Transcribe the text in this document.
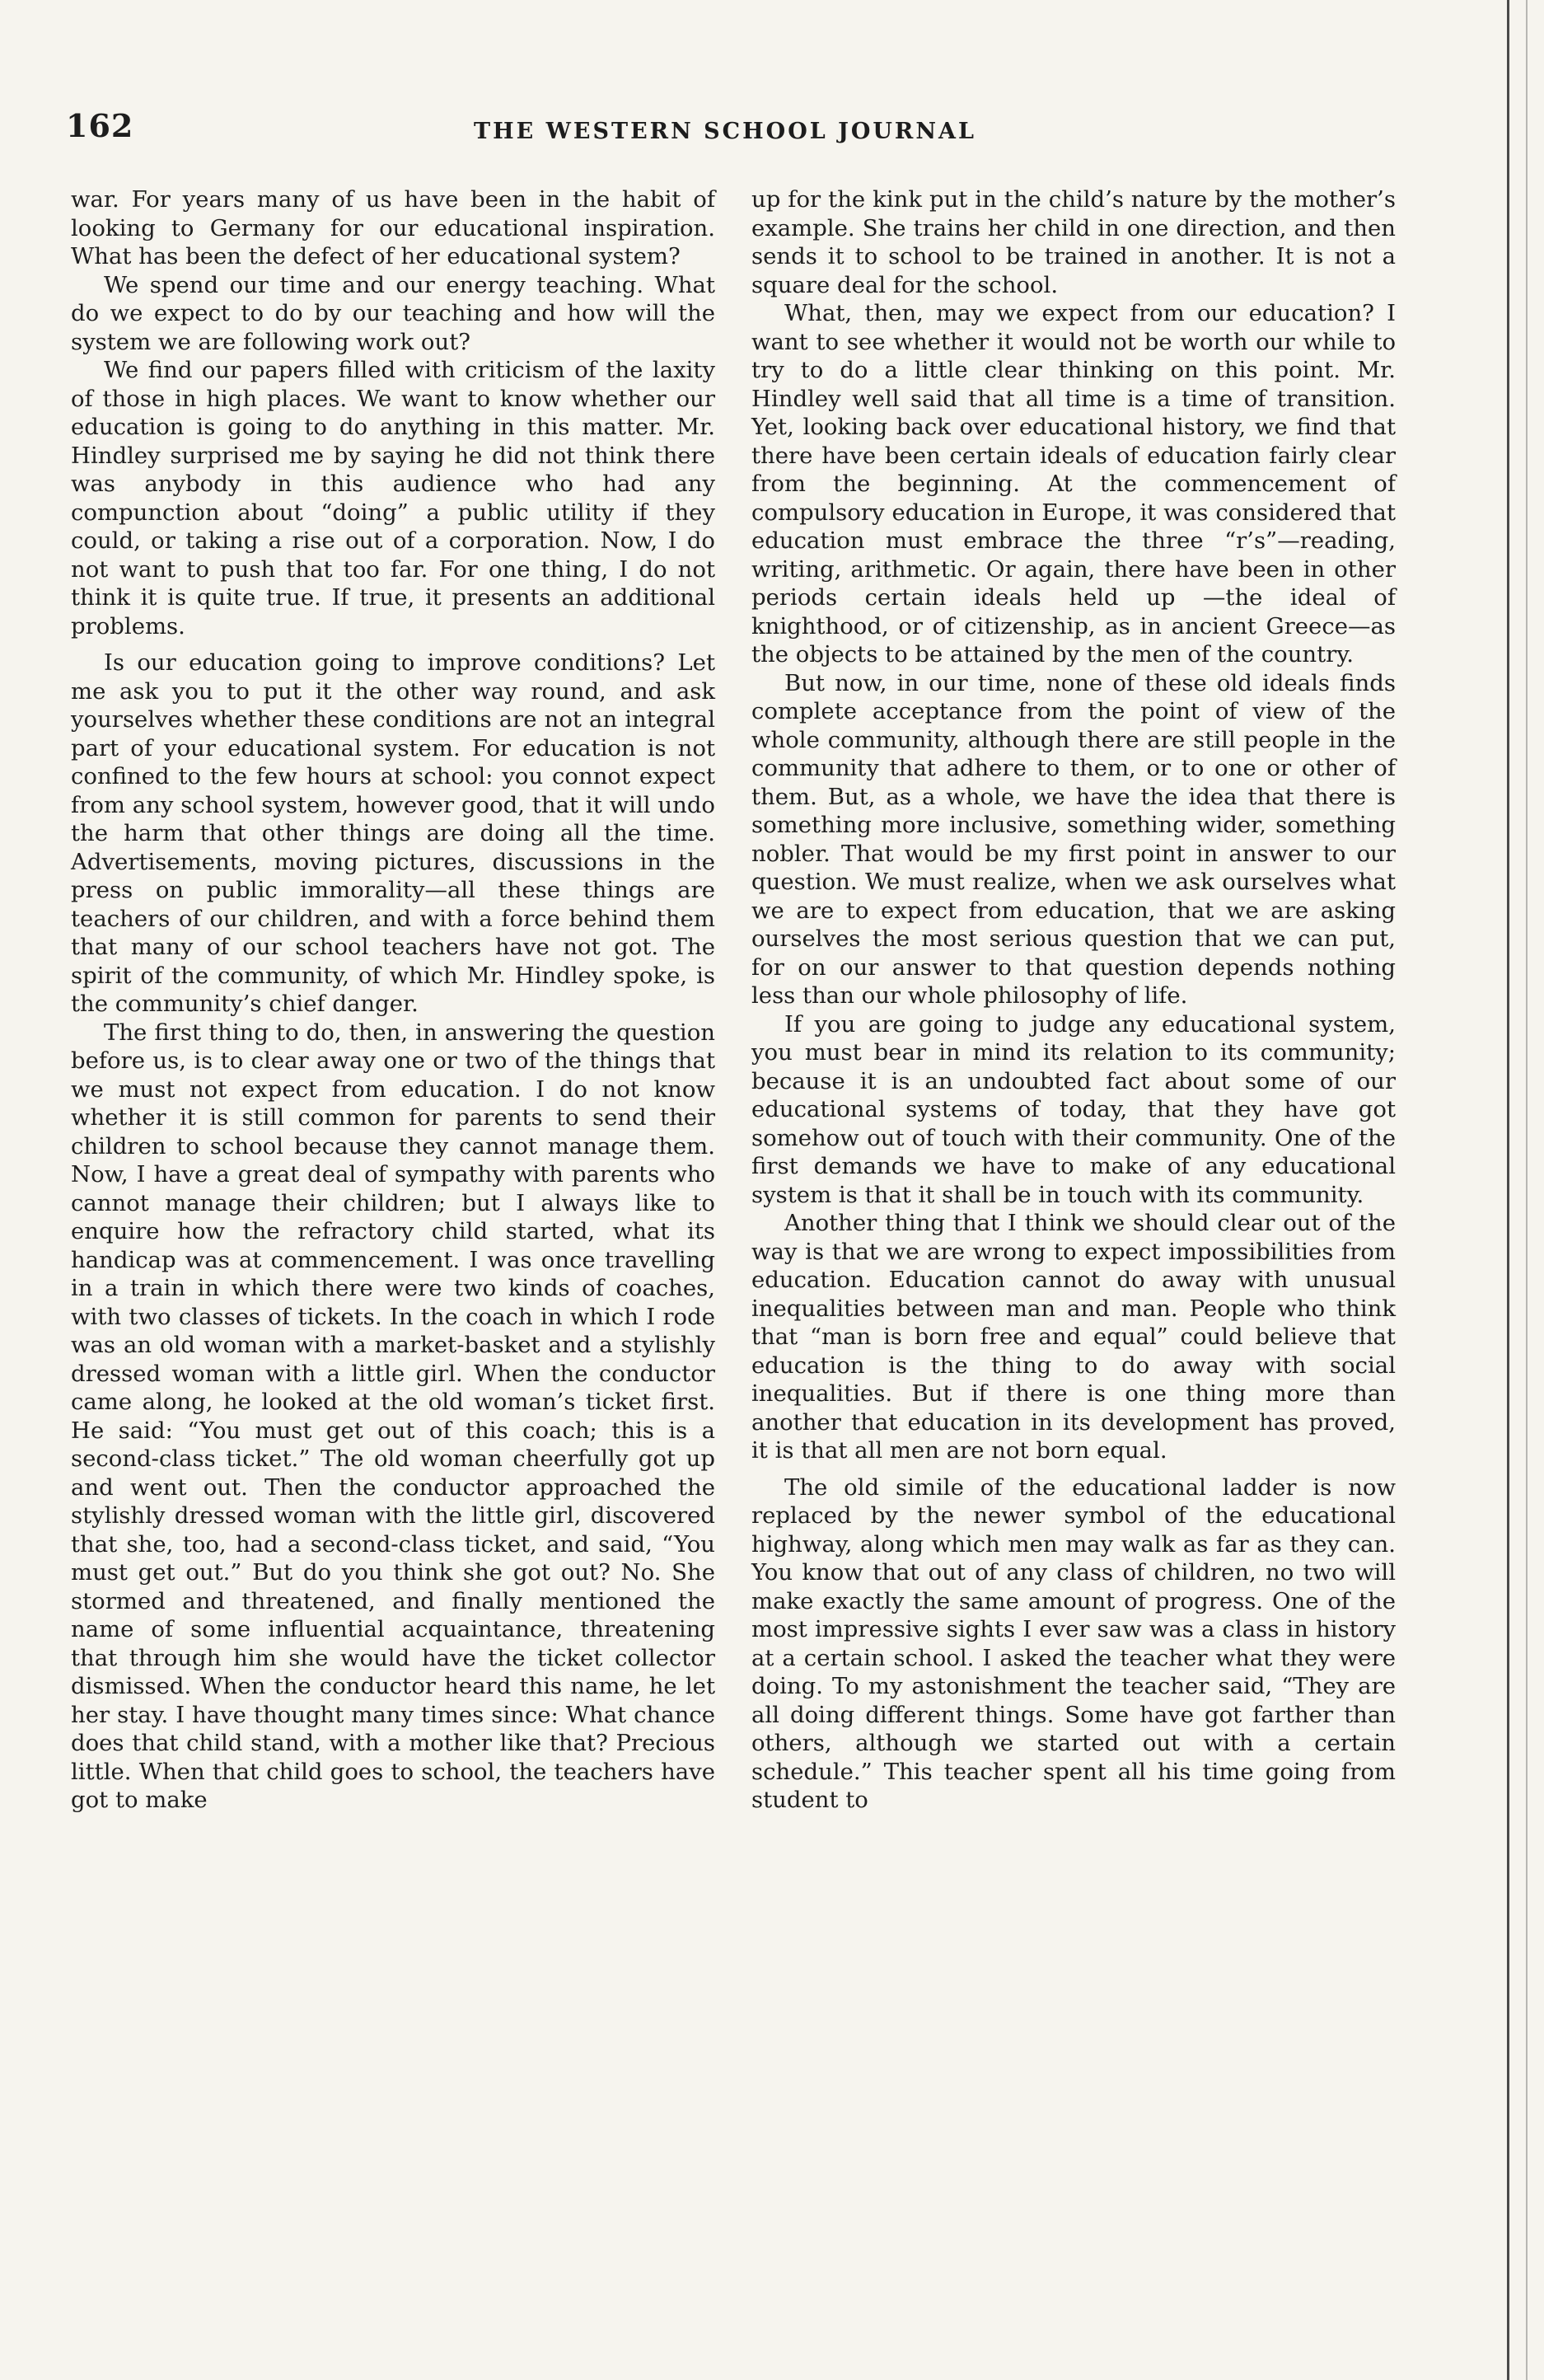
162	THE WESTERN SCHOOL JOURNAL

war. For years many of us have been in the habit of looking to Germany for our educational inspiration. What has been the defect of her educational system?

We spend our time and our energy teaching. What do we expect to do by our teaching and how will the system we are following work out?

We find our papers filled with criticism of the laxity of those in high places. We want to know whether our education is going to do anything in this matter. Mr. Hindley surprised me by saying he did not think there was anybody in this audience who had any compunction about “doing” a public utility if they could, or taking a rise out of a corporation. Now, I do not want to push that too far. For one thing, I do not think it is quite true. If true, it presents an additional problems.

Is our education going to improve conditions? Let me ask you to put it the other way round, and ask yourselves whether these conditions are not an integral part of your educational system. For education is not confined to the few hours at school: you connot expect from any school system, however good, that it will undo the harm that other things are doing all the time. Advertisements, moving pictures, discussions in the press on public immorality—all these things are teachers of our children, and with a force behind them that many of our school teachers have not got. The spirit of the community, of which Mr. Hindley spoke, is the community’s chief danger.

The first thing to do, then, in answering the question before us, is to clear away one or two of the things that we must not expect from education. I do not know whether it is still common for parents to send their children to school because they cannot manage them. Now, I have a great deal of sympathy with parents who cannot manage their children; but I always like to enquire how the refractory child started, what its handicap was at commencement. I was once travelling in a train in which there were two kinds of coaches, with two classes of tickets. In the coach in which I rode was an old woman with a market-basket and a stylishly dressed woman with a little girl. When the conductor came along, he looked at the old woman’s ticket first. He said: “You must get out of this coach; this is a second-class ticket.” The old woman cheerfully got up and went out. Then the conductor approached the stylishly dressed woman with the little girl, discovered that she, too, had a second-class ticket, and said, “You must get out.” But do you think she got out? No. She stormed and threatened, and finally mentioned the name of some influential acquaintance, threatening that through him she would have the ticket collector dismissed. When the conductor heard this name, he let her stay. I have thought many times since: What chance does that child stand, with a mother like that? Precious little. When that child goes to school, the teachers have got to make

up for the kink put in the child’s nature by the mother’s example. She trains her child in one direction, and then sends it to school to be trained in another. It is not a square deal for the school.

What, then, may we expect from our education? I want to see whether it would not be worth our while to try to do a little clear thinking on this point. Mr. Hindley well said that all time is a time of transition. Yet, looking back over educational history, we find that there have been certain ideals of education fairly clear from the beginning. At the commencement of compulsory education in Europe, it was considered that education must embrace the three “r’s”—reading, writing, arithmetic. Or again, there have been in other periods certain ideals held up —the ideal of knighthood, or of citizenship, as in ancient Greece—as the objects to be attained by the men of the country.

But now, in our time, none of these old ideals finds complete acceptance from the point of view of the whole community, although there are still people in the community that adhere to them, or to one or other of them. But, as a whole, we have the idea that there is something more inclusive, something wider, something nobler. That would be my first point in answer to our question. We must realize, when we ask ourselves what we are to expect from education, that we are asking ourselves the most serious question that we can put, for on our answer to that question depends nothing less than our whole philosophy of life.

If you are going to judge any educational system, you must bear in mind its relation to its community; because it is an undoubted fact about some of our educational systems of today, that they have got somehow out of touch with their community. One of the first demands we have to make of any educational system is that it shall be in touch with its community.

Another thing that I think we should clear out of the way is that we are wrong to expect impossibilities from education. Education cannot do away with unusual inequalities between man and man. People who think that “man is born free and equal” could believe that education is the thing to do away with social inequalities. But if there is one thing more than another that education in its development has proved, it is that all men are not born equal.

The old simile of the educational ladder is now replaced by the newer symbol of the educational highway, along which men may walk as far as they can. You know that out of any class of children, no two will make exactly the same amount of progress. One of the most impressive sights I ever saw was a class in history at a certain school. I asked the teacher what they were doing. To my astonishment the teacher said, “They are all doing different things. Some have got farther than others, although we started out with a certain schedule.” This teacher spent all his time going from student to
